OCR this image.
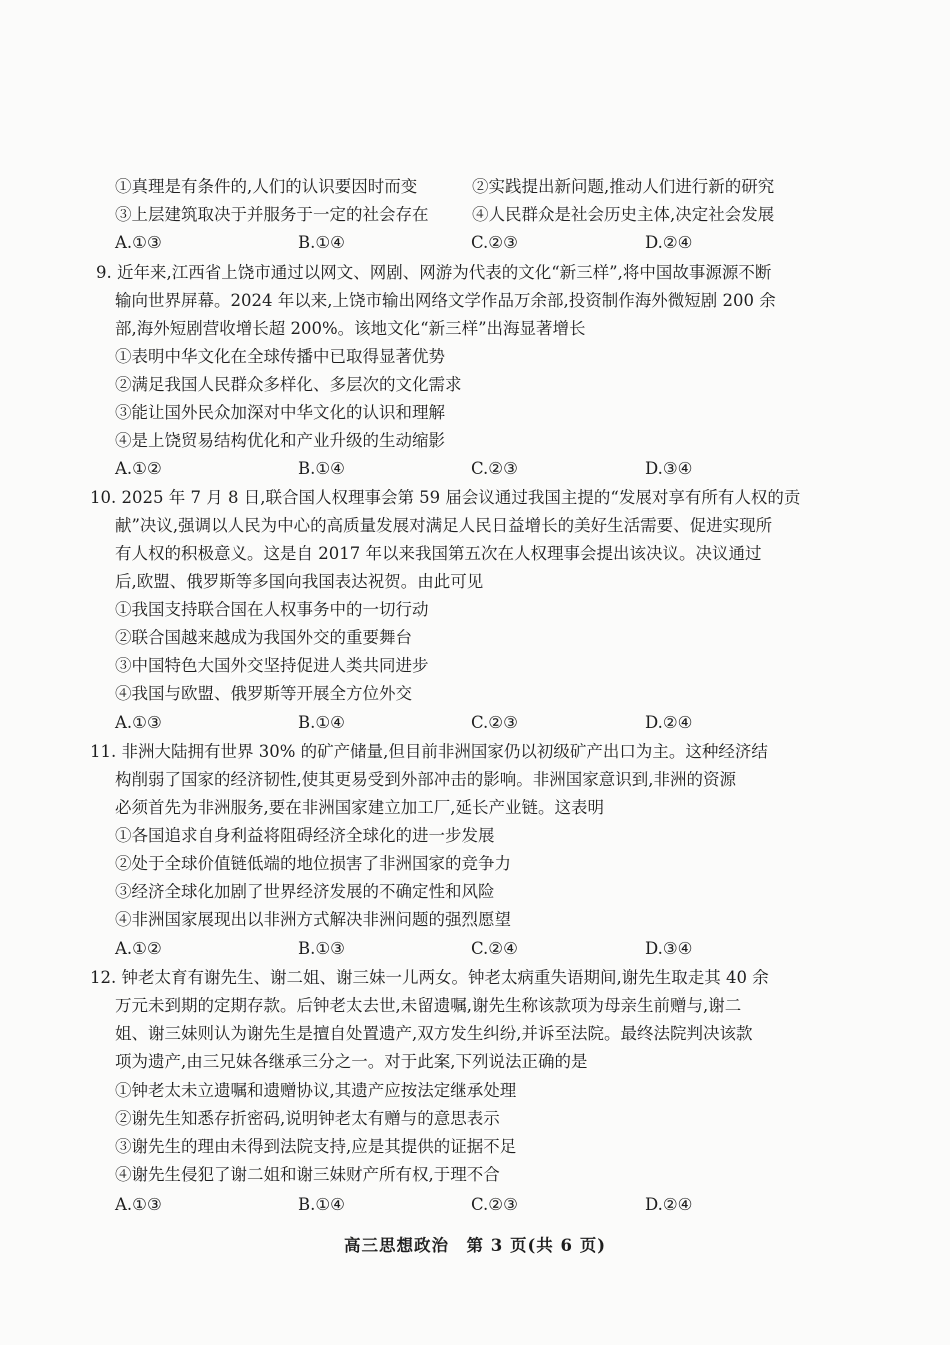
①真理是有条件的,人们的认识要因时而变	②实践提出新问题,推动人们进行新的研究
③上层建筑取决于并服务于一定的社会存在	④人民群众是社会历史主体,决定社会发展
A.①③	B.①④	C.②③	D.②④
9. 近年来,江西省上饶市通过以网文、网剧、网游为代表的文化“新三样”,将中国故事源源不断
输向世界屏幕。2024 年以来,上饶市输出网络文学作品万余部,投资制作海外微短剧 200 余
部,海外短剧营收增长超 200%。该地文化“新三样”出海显著增长
①表明中华文化在全球传播中已取得显著优势
②满足我国人民群众多样化、多层次的文化需求
③能让国外民众加深对中华文化的认识和理解
④是上饶贸易结构优化和产业升级的生动缩影
A.①②	B.①④	C.②③	D.③④
10. 2025 年 7 月 8 日,联合国人权理事会第 59 届会议通过我国主提的“发展对享有所有人权的贡
献”决议,强调以人民为中心的高质量发展对满足人民日益增长的美好生活需要、促进实现所
有人权的积极意义。这是自 2017 年以来我国第五次在人权理事会提出该决议。决议通过
后,欧盟、俄罗斯等多国向我国表达祝贺。由此可见
①我国支持联合国在人权事务中的一切行动
②联合国越来越成为我国外交的重要舞台
③中国特色大国外交坚持促进人类共同进步
④我国与欧盟、俄罗斯等开展全方位外交
A.①③	B.①④	C.②③	D.②④
11. 非洲大陆拥有世界 30% 的矿产储量,但目前非洲国家仍以初级矿产出口为主。这种经济结
构削弱了国家的经济韧性,使其更易受到外部冲击的影响。非洲国家意识到,非洲的资源
必须首先为非洲服务,要在非洲国家建立加工厂,延长产业链。这表明
①各国追求自身利益将阻碍经济全球化的进一步发展
②处于全球价值链低端的地位损害了非洲国家的竞争力
③经济全球化加剧了世界经济发展的不确定性和风险
④非洲国家展现出以非洲方式解决非洲问题的强烈愿望
A.①②	B.①③	C.②④	D.③④
12. 钟老太育有谢先生、谢二姐、谢三妹一儿两女。钟老太病重失语期间,谢先生取走其 40 余
万元未到期的定期存款。后钟老太去世,未留遗嘱,谢先生称该款项为母亲生前赠与,谢二
姐、谢三妹则认为谢先生是擅自处置遗产,双方发生纠纷,并诉至法院。最终法院判决该款
项为遗产,由三兄妹各继承三分之一。对于此案,下列说法正确的是
①钟老太未立遗嘱和遗赠协议,其遗产应按法定继承处理
②谢先生知悉存折密码,说明钟老太有赠与的意思表示
③谢先生的理由未得到法院支持,应是其提供的证据不足
④谢先生侵犯了谢二姐和谢三妹财产所有权,于理不合
A.①③	B.①④	C.②③	D.②④
高三思想政治　第 3 页(共 6 页)
